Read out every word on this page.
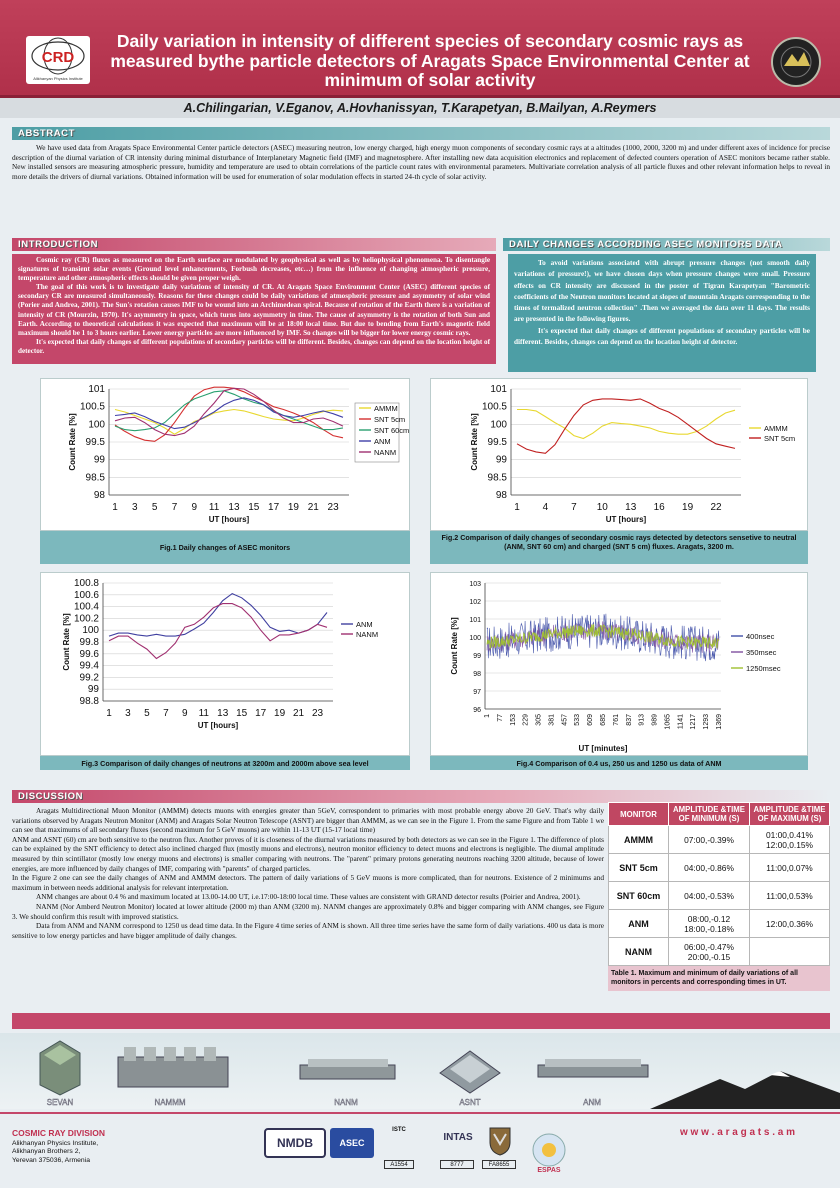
CRD
Alikhanyan Physics Institute
Daily variation in intensity of different species of secondary cosmic rays as measured bythe particle detectors of Aragats Space Environmental Center at minimum of solar activity
A.Chilingarian, V.Eganov, A.Hovhanissyan, T.Karapetyan, B.Mailyan, A.Reymers
ABSTRACT
We have used data from Aragats Space Environmental Center particle detectors (ASEC) measuring neutron, low energy charged, high energy muon components of secondary cosmic rays at a altitudes (1000, 2000, 3200 m) and under different axes of incidence for precise description of the diurnal variation of CR intensity during minimal disturbance of Interplanetary Magnetic field (IMF) and magnetosphere. After installing new data acquisition electronics and replacement of defected counters operation of ASEC monitors became rather stable. New installed sensors are measuring atmospheric pressure, humidity and temperature are used to obtain correlations of the particle count rates with environmental parameters. Multivariate correlation analysis of all particle fluxes and other relevant information helps to reveal in more details the drivers of diurnal variations. Obtained information will be used for enumeration of solar modulation effects in started 24-th cycle of solar activity.
INTRODUCTION
Cosmic ray (CR) fluxes as measured on the Earth surface are modulated by geophysical as well as by heliophysical phenomena. To disentangle signatures of transient solar events (Ground level enhancements, Forbush decreases, etc…) from the influence of changing atmospheric pressure, temperature and other atmospheric effects should be given proper weigh.
The goal of this work is to investigate daily variations of intensity of CR. At Aragats Space Environment Center (ASEC) different species of secondary CR are measured simultaneously. Reasons for these changes could be daily variations of atmospheric pressure and asymmetry of solar wind (Porier and Andrea, 2001). The Sun's rotation causes IMF to be wound into an Archimedean spiral. Because of rotation of the Earth there is a variation of intensity of CR (Mourzin, 1970). It's asymmetry in space, which turns into asymmetry in time. The cause of asymmetry is the rotation of both Sun and Earth. According to theoretical calculations it was expected that maximum will be at 18:00 local time. But due to bending from Earth's magnetic field maximum should be 1 to 3 hours earlier. Lower energy particles are more influenced by IMF. So changes will be bigger for lower energy cosmic rays.
It's expected that daily changes of different populations of secondary particles will be different. Besides, changes can depend on the location height of detector.
DAILY CHANGES ACCORDING ASEC MONITORS DATA
To avoid variations associated with abrupt pressure changes (not smooth daily variations of pressure!), we have chosen days when pressure changes were small. Pressure effects on CR intensity are discussed in the poster of Tigran Karapetyan "Barometric coefficients of the Neutron monitors located at slopes of mountain Aragats corresponding to the times of termalized neutron collection" .Then we averaged the data over 11 days. The results are presented in the following figures.
It's expected that daily changes of different populations of secondary particles will be different. Besides, changes can depend on the location height of detector.
98
98.5
99
99.5
100
100.5
101
Count Rate [%]
1 3 5 7 9 11 13 15 17 19 21 23
UT [hours]
AMMM
SNT 5cm
SNT 60cm
ANM
NANM
Fig.1 Daily changes of ASEC monitors
98
98.5
99
99.5
100
100.5
101
Count Rate [%]
1 4 7 10 13 16 19 22
UT [hours]
AMMM
SNT 5cm
Fig.2 Comparison of daily changes of secondary cosmic rays detected by detectors sensetive to neutral (ANM, SNT 60 cm) and charged (SNT 5 cm) fluxes. Aragats, 3200 m.
98.8
99
99.2
99.4
99.6
99.8
100
100.2
100.4
100.6
100.8
Count Rate [%]
1 3 5 7 9 11 13 15 17 19 21 23
UT [hours]
ANM
NANM
Fig.3 Comparison of daily changes of neutrons at 3200m and 2000m above sea level
96
97
98
99
100
101
102
103
Count Rate [%]
1 77 153 229 305 381 457 533 609 685 761 837 913 989 1065 1141 1217 1293 1369
UT [minutes]
400nsec
350msec
1250msec
Fig.4 Comparison of 0.4 us, 250 us and 1250 us data of ANM
DISCUSSION
Aragats Multidirectional Muon Monitor (AMMM) detects muons with energies greater than 5GeV, correspondent to primaries with most probable energy above 20 GeV. That's why daily variations observed by Aragats Neutron Monitor (ANM) and Aragats Solar Neutron Telescope (ASNT) are bigger than AMMM, as we can see in the Figure 1. From the same Figure and from Table 1 we can see that maximums of all secondary fluxes (second maximum for 5 GeV muons) are within 11-13 UT (15-17 local time)
ANM and ASNT (60) cm are both sensitive to the neutron flux. Another proves of it is closeness of the diurnal variations measured by both detectors as we can see in the Figure 1. The difference of plots can be explained by the SNT efficiency to detect also inclined charged flux (mostly muons and electrons), neutron monitor efficiency to detect muons and electrons is negligible. The diurnal amplitude measured by thin scintillator (mostly low energy muons and electrons) is smaller comparing with neutrons. The "parent" primary protons generating neutrons reaching 3200 altitude, because of lower energies, are more influenced by daily changes of IMF, comparing with "parents" of charged particles.
In the Figure 2 one can see the daily changes of ANM and AMMM detectors. The pattern of daily variations of 5 GeV muons is more complicated, than for neutrons. Existence of 2 minimums and maximum in between needs additional analysis for relevant interpretation.
ANM changes are about 0.4 % and maximum located at 13.00-14.00 UT, i.e.17:00-18:00 local time. These values are consistent with GRAND detector results (Poirier and Andrea, 2001).
NANM (Nor Amberd Neutron Monitor) located at lower altitude (2000 m) than ANM (3200 m). NANM changes are approximately 0.8% and bigger comparing with ANM changes, see Figure 3. We should confirm this result with improved statistics.
Data from ANM and NANM correspond to 1250 us dead time data. In the Figure 4 time series of ANM is shown. All three time series have the same form of daily variations. 400 us data is more sensitive to low energy particles and have bigger amplitude of daily changes.
MONITOR	AMPLITUDE &TIME OF MINIMUM (S)	AMPLITUDE &TIME OF MAXIMUM (S)
AMMM	07:00,-0.39%	01:00,0.41% 12:00,0.15%
SNT 5cm	04:00,-0.86%	11:00,0.07%
SNT 60cm	04:00,-0.53%	11:00,0.53%
ANM	08:00,-0.12 18:00,-0.18%	12:00,0.36%
NANM	06:00,-0.47% 20:00,-0.15	
Table 1. Maximum and minimum of daily variations of all monitors in percents and corresponding times in UT.
SEVAN	NAMMM	NANM	ASNT	ANM
COSMIC RAY DIVISION
Alikhanyan Physics Institute,
Alikhanyan Brothers 2,
Yerevan 375036, Armenia
NMDB	ASEC
ISTC
A1554
INTAS
8777	FA8655
ESPAS
w w w . a r a g a t s . a m
